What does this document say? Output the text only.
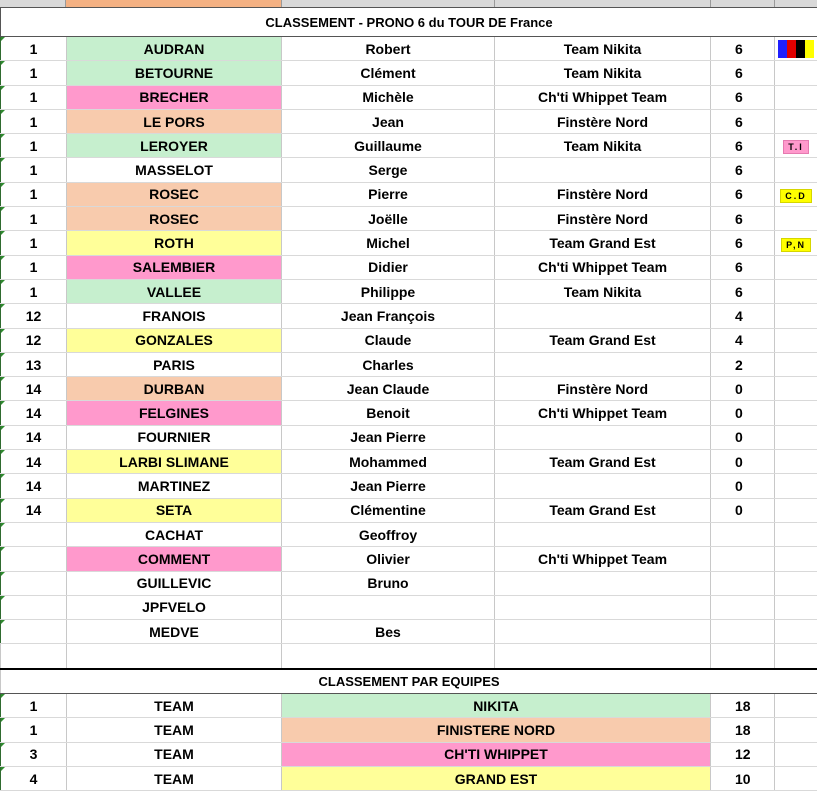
CLASSEMENT - PRONO 6 du TOUR DE France					
1	AUDRAN	Robert	Team Nikita	6	

1	BETOURNE	Clément	Team Nikita	6	
1	BRECHER	Michèle	Ch'ti Whippet Team	6	
1	LE PORS	Jean	Finstère Nord	6	
1	LEROYER	Guillaume	Team Nikita	6	T.I
1	MASSELOT	Serge		6	
1	ROSEC	Pierre	Finstère Nord	6	C.D
1	ROSEC	Joëlle	Finstère Nord	6	
1	ROTH	Michel	Team Grand Est	6	P,N
1	SALEMBIER	Didier	Ch'ti Whippet Team	6	
1	VALLEE	Philippe	Team Nikita	6	
12	FRANOIS	Jean François		4	
12	GONZALES	Claude	Team Grand Est	4	
13	PARIS	Charles		2	
14	DURBAN	Jean Claude	Finstère Nord	0	
14	FELGINES	Benoit	Ch'ti Whippet Team	0	
14	FOURNIER	Jean Pierre		0	
14	LARBI SLIMANE	Mohammed	Team Grand Est	0	
14	MARTINEZ	Jean Pierre		0	
14	SETA	Clémentine	Team Grand Est	0	
	CACHAT	Geoffroy			
	COMMENT	Olivier	Ch'ti Whippet Team		
	GUILLEVIC	Bruno			
	JPFVELO				
	MEDVE	Bes			

CLASSEMENT PAR EQUIPES					
1	TEAM	NIKITA		18	
1	TEAM	FINISTERE NORD		18	
3	TEAM	CH'TI WHIPPET		12	
4	TEAM	GRAND EST		10	
